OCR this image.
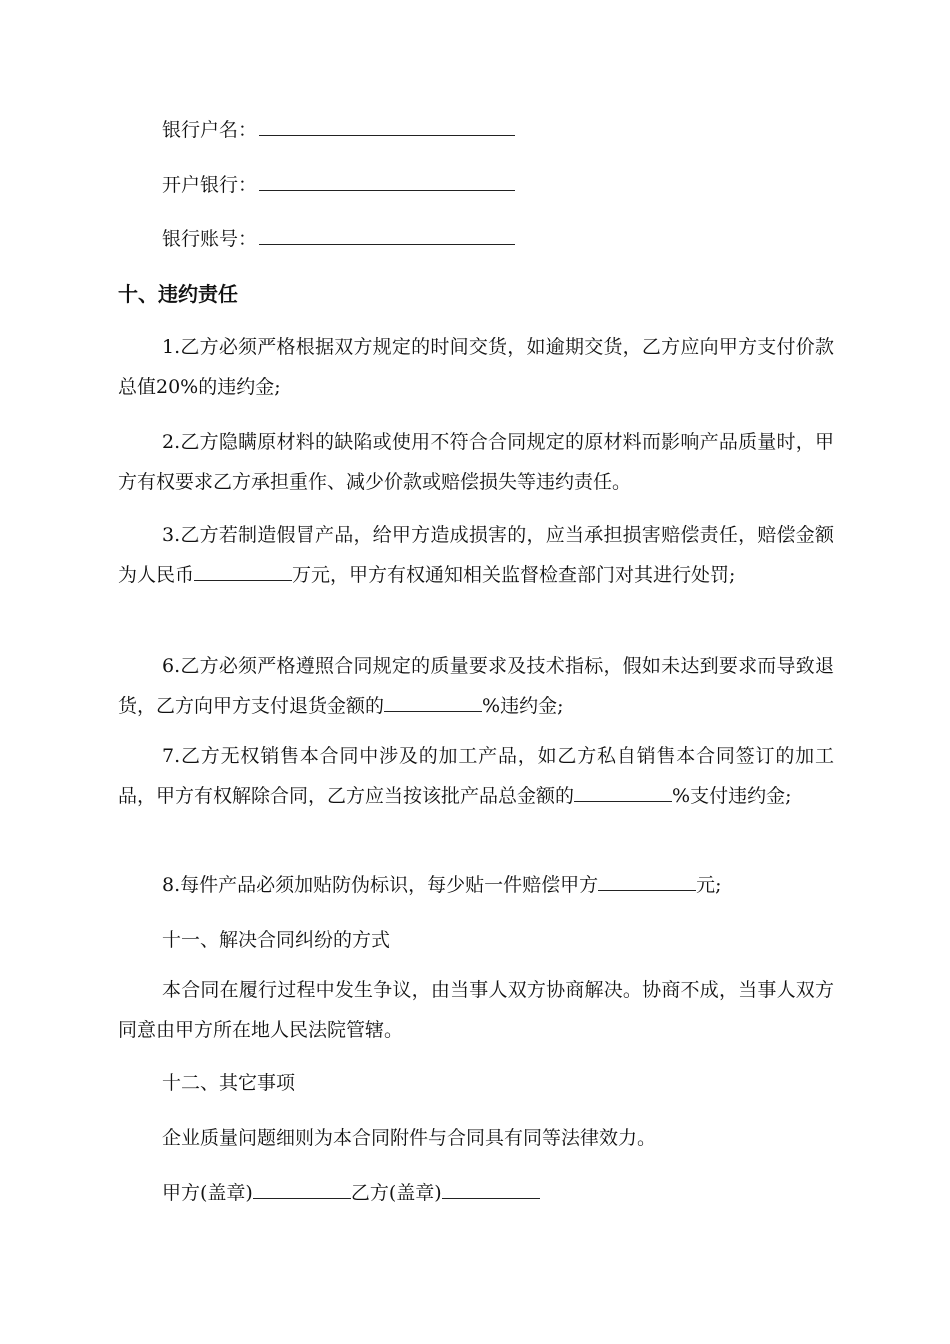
银行户名：
开户银行：
银行账号：
十、违约责任

1.乙方必须严格根据双方规定的时间交货，如逾期交货，乙方应向甲方支付价款总值20%的违约金;

2.乙方隐瞒原材料的缺陷或使用不符合合同规定的原材料而影响产品质量时，甲方有权要求乙方承担重作、减少价款或赔偿损失等违约责任。

3.乙方若制造假冒产品，给甲方造成损害的，应当承担损害赔偿责任，赔偿金额为人民币	万元，甲方有权通知相关监督检查部门对其进行处罚;

6.乙方必须严格遵照合同规定的质量要求及技术指标，假如未达到要求而导致退货，乙方向甲方支付退货金额的	%违约金;

7.乙方无权销售本合同中涉及的加工产品，如乙方私自销售本合同签订的加工品，甲方有权解除合同，乙方应当按该批产品总金额的	%支付违约金;

8.每件产品必须加贴防伪标识，每少贴一件赔偿甲方	元;

十一、解决合同纠纷的方式

本合同在履行过程中发生争议，由当事人双方协商解决。协商不成，当事人双方同意由甲方所在地人民法院管辖。

十二、其它事项
企业质量问题细则为本合同附件与合同具有同等法律效力。
甲方(盖章)	乙方(盖章)
